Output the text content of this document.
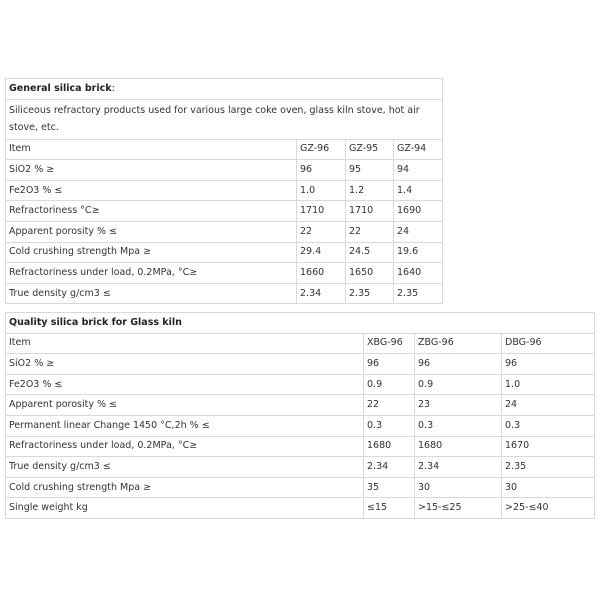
General silica brick:			
Siliceous refractory products used for various large coke oven, glass kiln stove, hot air stove, etc.			
Item	GZ-96	GZ-95	GZ-94
SiO2 % ≥	96	95	94
Fe2O3 % ≤	1.0	1.2	1.4
Refractoriness °C≥	1710	1710	1690
Apparent porosity % ≤	22	22	24
Cold crushing strength Mpa ≥	29.4	24.5	19.6
Refractoriness under load, 0.2MPa, °C≥	1660	1650	1640
True density g/cm3 ≤	2.34	2.35	2.35
Quality silica brick for Glass kiln			
Item	XBG-96	ZBG-96	DBG-96
SiO2 % ≥	96	96	96
Fe2O3 % ≤	0.9	0.9	1.0
Apparent porosity % ≤	22	23	24
Permanent linear Change 1450 °C,2h % ≤	0.3	0.3	0.3
Refractoriness under load, 0.2MPa, °C≥	1680	1680	1670
True density g/cm3 ≤	2.34	2.34	2.35
Cold crushing strength Mpa ≥	35	30	30
Single weight kg	≤15	>15-≤25	>25-≤40
